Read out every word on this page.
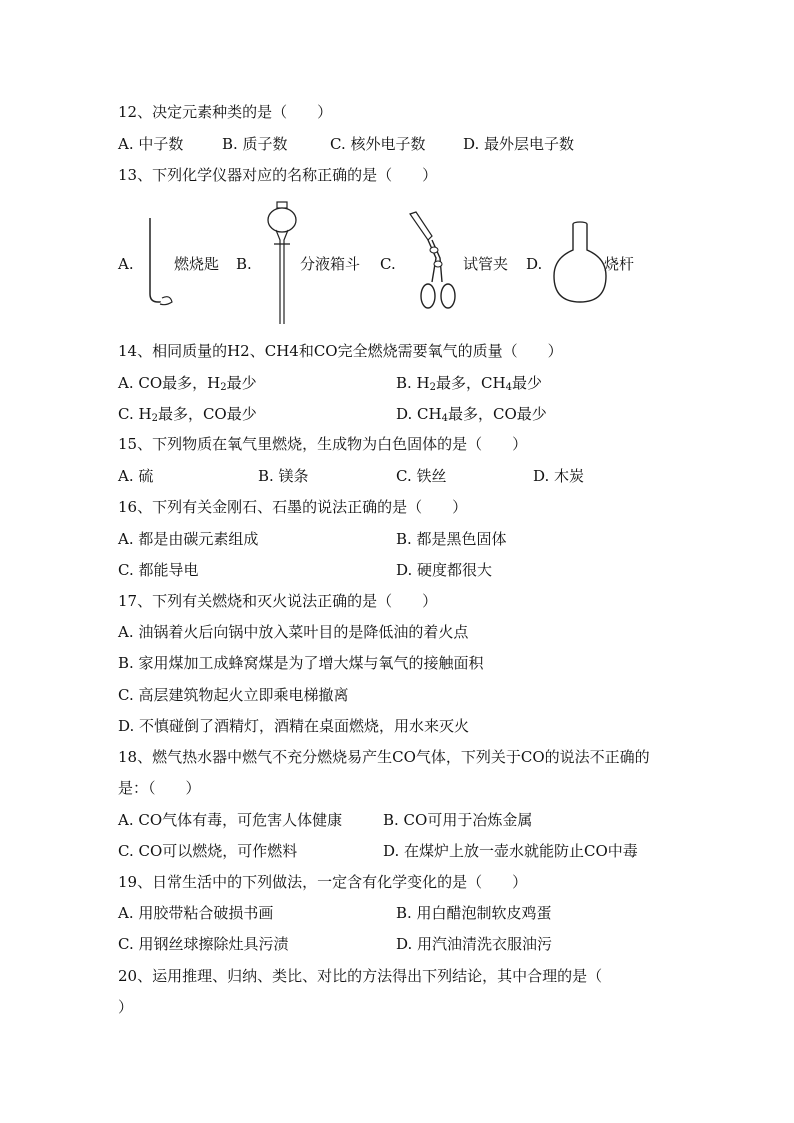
12、决定元素种类的是（　　）
A. 中子数	B. 质子数	C. 核外电子数	D. 最外层电子数
13、下列化学仪器对应的名称正确的是（　　）
A.	燃烧匙 B.	分液箱斗 C.	试管夹 D.	烧杆
14、相同质量的H2、CH4和CO完全燃烧需要氧气的质量（　　）
A. CO最多，$H_2$最少	B. $H_2$最多，$CH_4$最少
C. $H_2$最多，CO最少	D. $CH_4$最多，CO最少
15、下列物质在氧气里燃烧，生成物为白色固体的是（　　）
A. 硫	B. 镁条	C. 铁丝	D. 木炭
16、下列有关金刚石、石墨的说法正确的是（　　）
A. 都是由碳元素组成	B. 都是黑色固体
C. 都能导电	D. 硬度都很大
17、下列有关燃烧和灭火说法正确的是（　　）
A. 油锅着火后向锅中放入菜叶目的是降低油的着火点
B. 家用煤加工成蜂窝煤是为了增大煤与氧气的接触面积
C. 高层建筑物起火立即乘电梯撤离
D. 不慎碰倒了酒精灯，酒精在桌面燃烧，用水来灭火
18、燃气热水器中燃气不充分燃烧易产生CO气体，下列关于CO的说法不正确的
是：（　　）
A. CO气体有毒，可危害人体健康	B. CO可用于冶炼金属
C. CO可以燃烧，可作燃料	D. 在煤炉上放一壶水就能防止CO中毒
19、日常生活中的下列做法，一定含有化学变化的是（　　）
A. 用胶带粘合破损书画	B. 用白醋泡制软皮鸡蛋
C. 用钢丝球擦除灶具污渍	D. 用汽油清洗衣服油污
20、运用推理、归纳、类比、对比的方法得出下列结论，其中合理的是（
）
